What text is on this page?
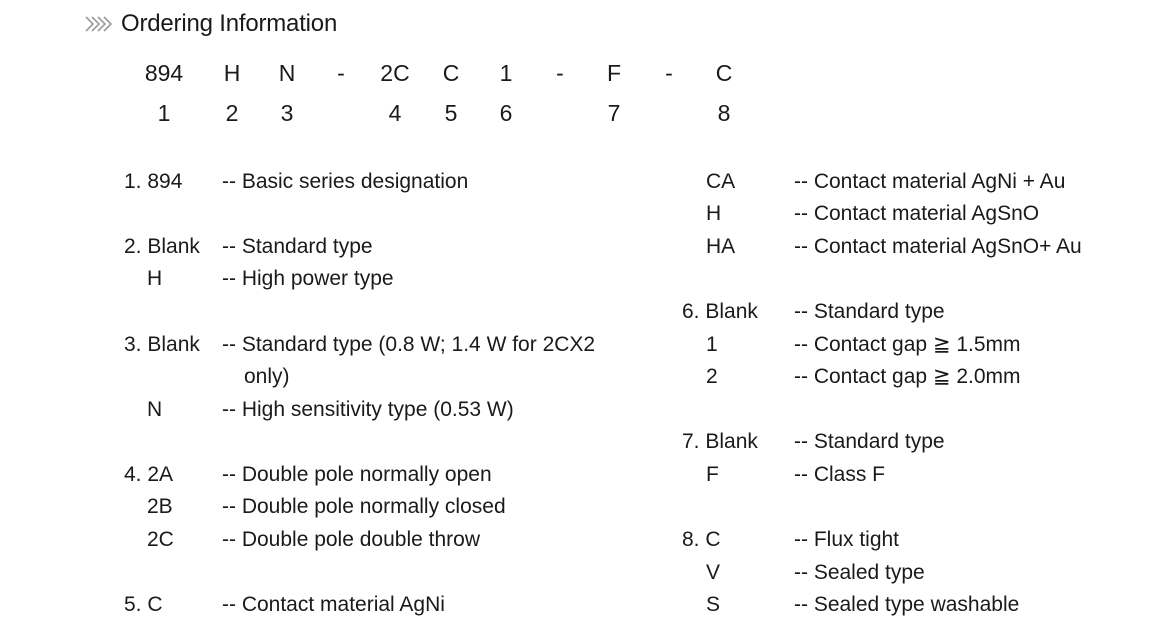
Ordering Information
894	H	N	-	2C	C	1	-	F	-	C
1	2	3	4	5	6	7	8
1. 894 -- Basic series designation
2. Blank -- Standard type
H	-- High power type
3. Blank -- Standard type (0.8 W; 1.4 W for 2CX2
only)
N	-- High sensitivity type (0.53 W)
4. 2A -- Double pole normally open
2B -- Double pole normally closed
2C -- Double pole double throw
5. C	-- Contact material AgNi
CA	-- Contact material AgNi + Au
H	-- Contact material AgSnO
HA	-- Contact material AgSnO+ Au
6. Blank -- Standard type
1	-- Contact gap ≧ 1.5mm
2	-- Contact gap ≧ 2.0mm
7. Blank -- Standard type
F	-- Class F
8. C	-- Flux tight
V	-- Sealed type
S	-- Sealed type washable
